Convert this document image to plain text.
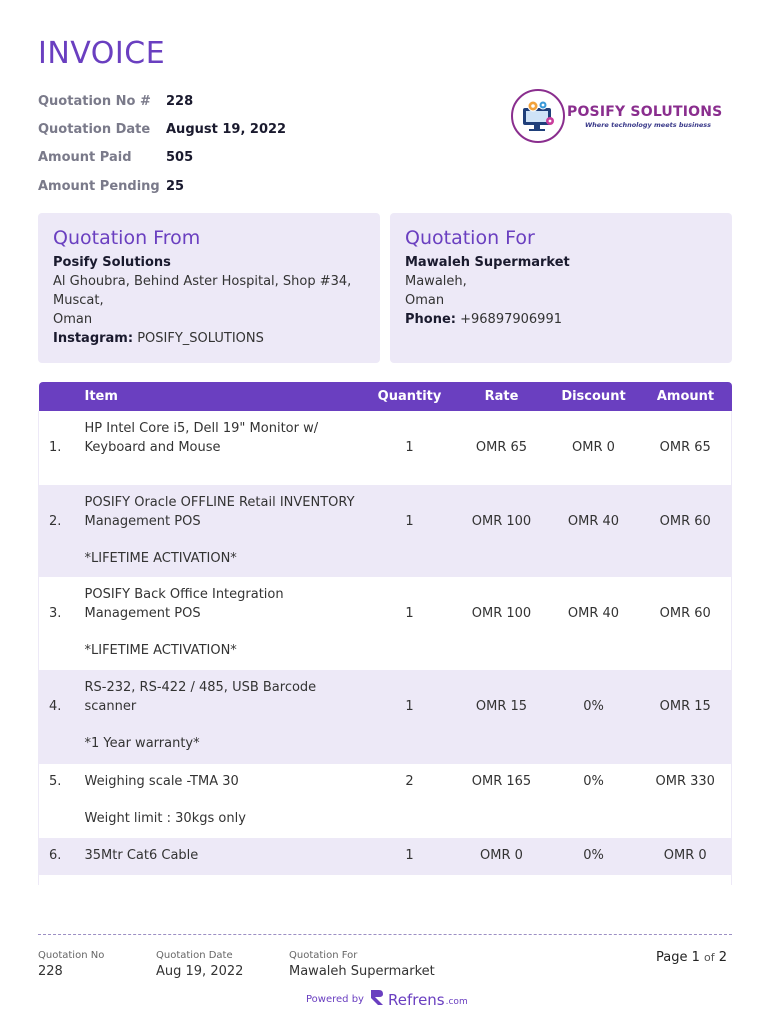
INVOICE
Quotation No #	228
Quotation Date	August 19, 2022
Amount Paid	505
Amount Pending 25
POSIFY SOLUTIONS
Where technology meets business
Quotation From
Posify Solutions
Al Ghoubra, Behind Aster Hospital, Shop #34,
Muscat,
Oman
Instagram: POSIFY_SOLUTIONS
Quotation For
Mawaleh Supermarket
Mawaleh,
Oman
Phone: +96897906991
	Item	Quantity	Rate	Discount	Amount
1.	HP Intel Core i5, Dell 19" Monitor w/ Keyboard and Mouse	1	OMR 65	OMR 0	OMR 65
2.	POSIFY Oracle OFFLINE Retail INVENTORY Management POS
*LIFETIME ACTIVATION*	1	OMR 100	OMR 40	OMR 60
3.	POSIFY Back Office Integration Management POS
*LIFETIME ACTIVATION*	1	OMR 100	OMR 40	OMR 60
4.	RS-232, RS-422 / 485, USB Barcode scanner
*1 Year warranty*	1	OMR 15	0%	OMR 15
5.	Weighing scale -TMA 30
Weight limit : 30kgs only	2	OMR 165	0%	OMR 330
6.	35Mtr Cat6 Cable	1	OMR 0	0%	OMR 0

Quotation No
228
Quotation Date
Aug 19, 2022
Quotation For
Mawaleh Supermarket
Page 1 of 2
Powered by Refrens .com
